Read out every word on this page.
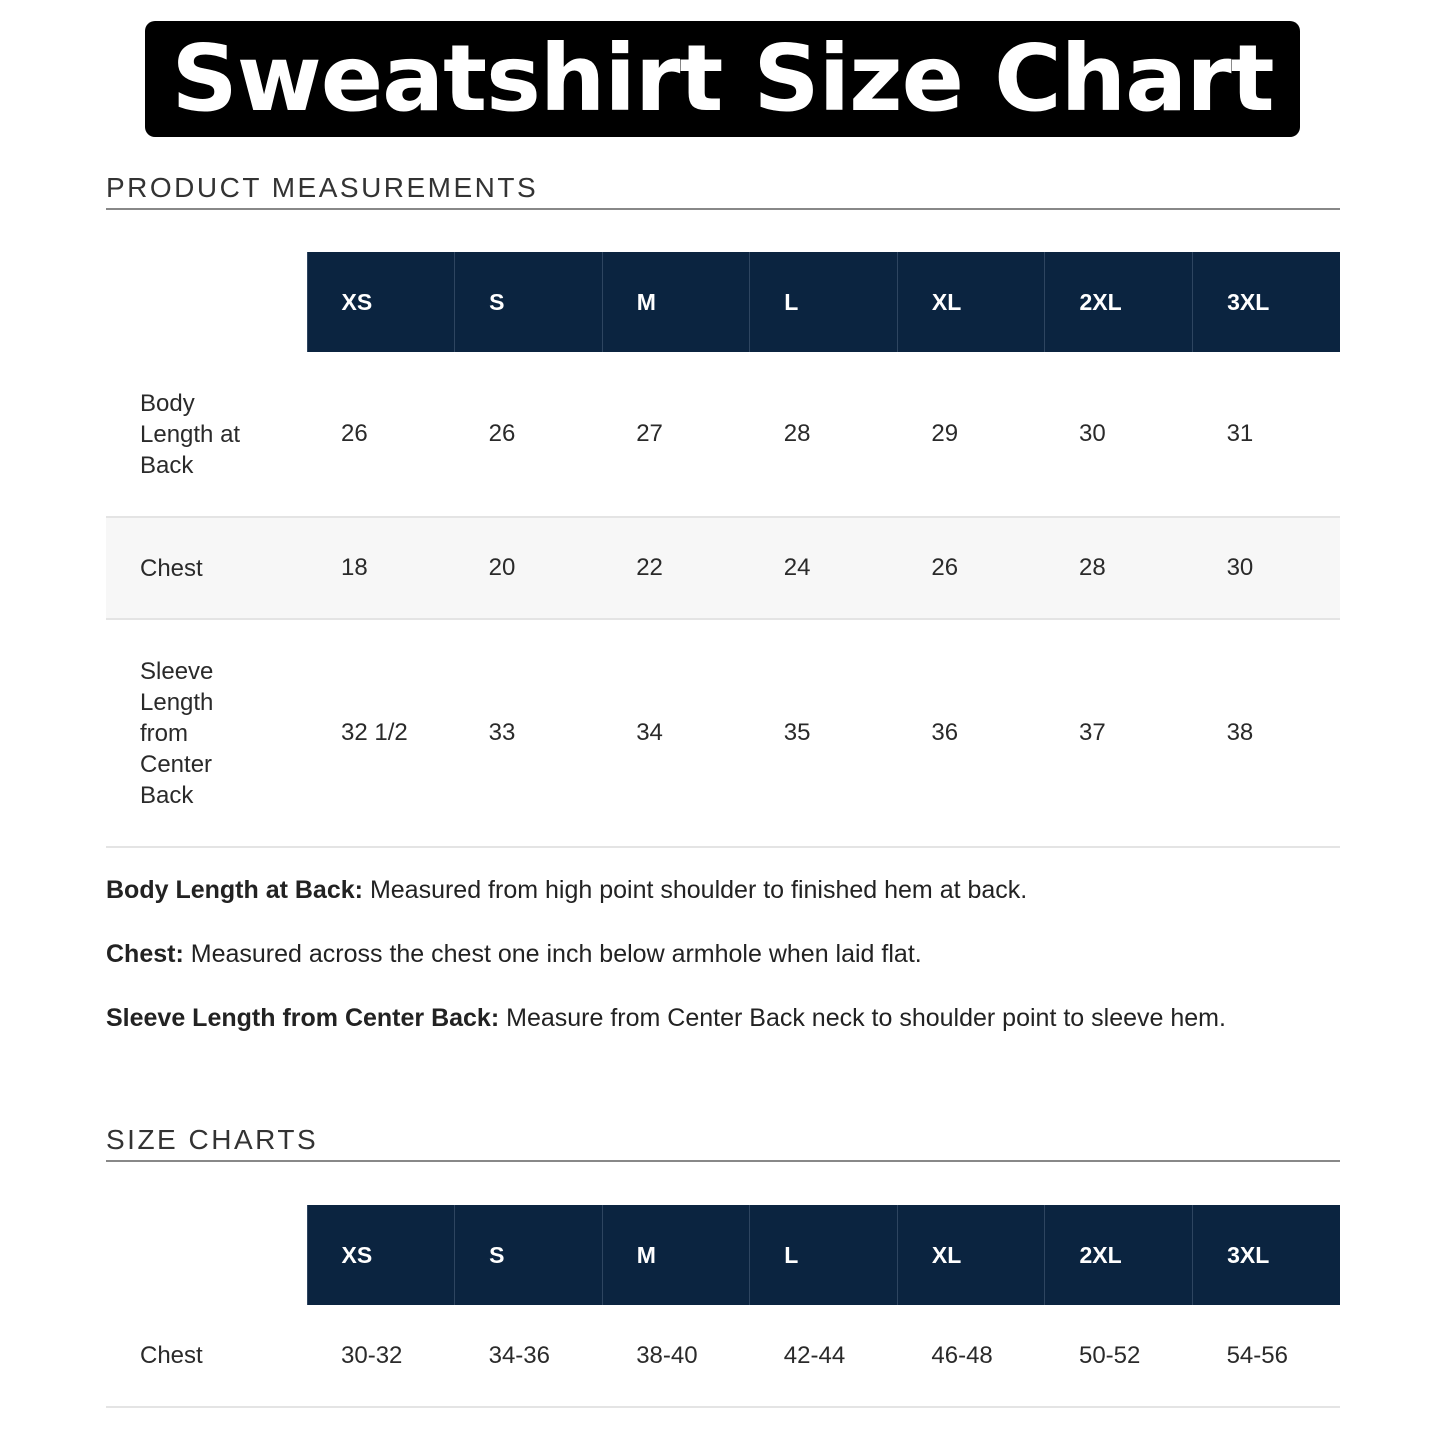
Sweatshirt Size Chart
PRODUCT MEASUREMENTS
	XS	S	M	L	XL	2XL	3XL

Body Length at Back	26	26	27	28	29	30	31
Chest	18	20	22	24	26	28	30

Sleeve Length from Center Back	32 1/2	33	34	35	36	37	38

Body Length at Back: Measured from high point shoulder to finished hem at back.

Chest: Measured across the chest one inch below armhole when laid flat.

Sleeve Length from Center Back: Measure from Center Back neck to shoulder point to sleeve hem.

SIZE CHARTS
	XS	S	M	L	XL	2XL	3XL
Chest	30-32	34-36	38-40	42-44	46-48	50-52	54-56
